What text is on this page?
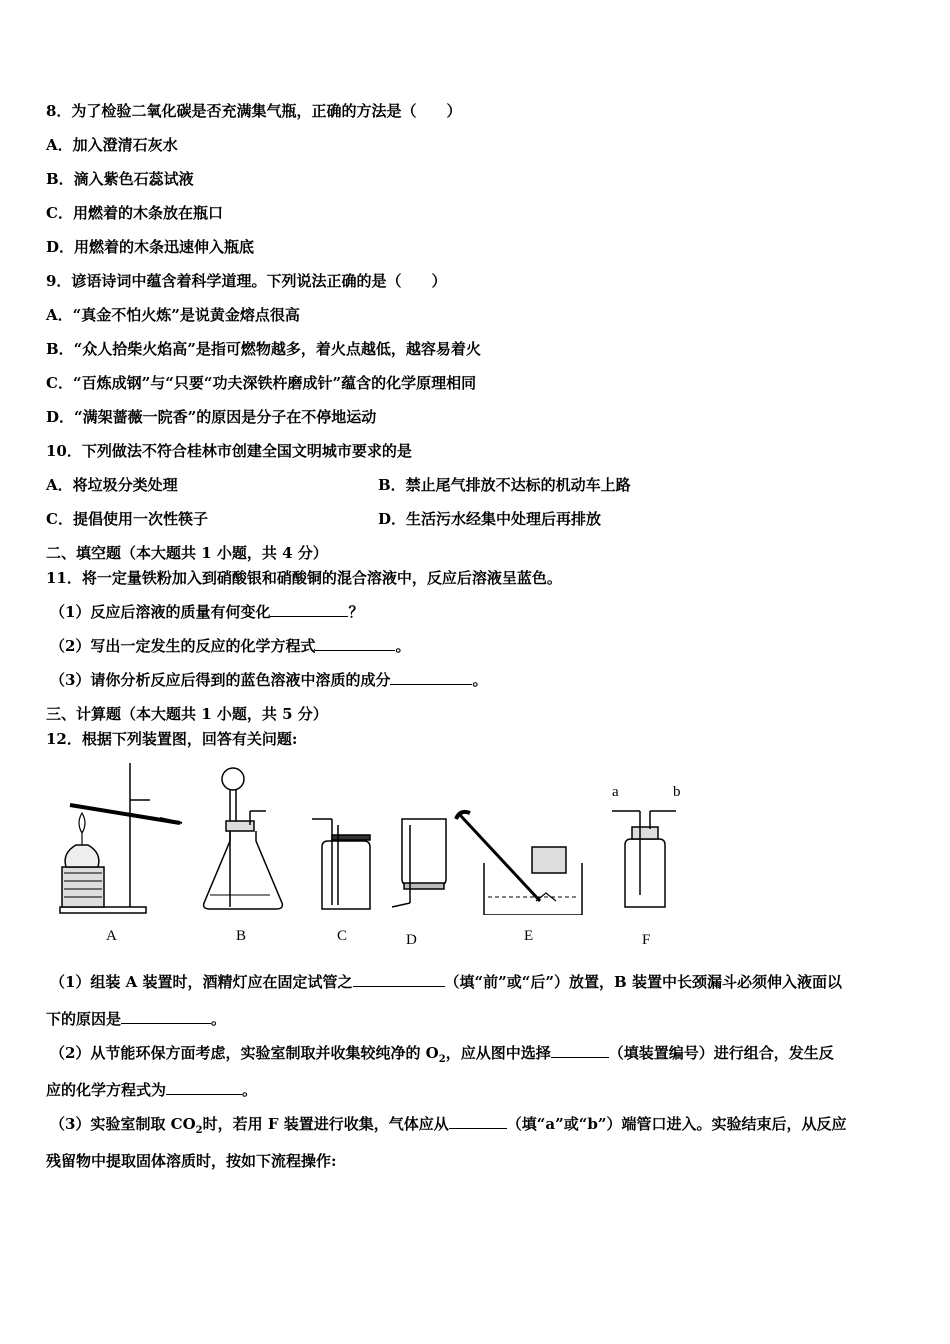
8．为了检验二氧化碳是否充满集气瓶，正确的方法是（　　）
A．加入澄清石灰水
B．滴入紫色石蕊试液
C．用燃着的木条放在瓶口
D．用燃着的木条迅速伸入瓶底
9．谚语诗词中蕴含着科学道理。下列说法正确的是（　　）
A．“真金不怕火炼”是说黄金熔点很高
B．“众人拾柴火焰高”是指可燃物越多，着火点越低，越容易着火
C．“百炼成钢”与“只要“功夫深铁杵磨成针”蕴含的化学原理相同
D．“满架蔷薇一院香”的原因是分子在不停地运动
10．下列做法不符合桂林市创建全国文明城市要求的是
A．将垃圾分类处理	B．禁止尾气排放不达标的机动车上路
C．提倡使用一次性筷子	D．生活污水经集中处理后再排放
二、填空题（本大题共 1 小题，共 4 分）
11．将一定量铁粉加入到硝酸银和硝酸铜的混合溶液中，反应后溶液呈蓝色。
（1）反应后溶液的质量有何变化	？
（2）写出一定发生的反应的化学方程式	。
（3）请你分析反应后得到的蓝色溶液中溶质的成分	。
三、计算题（本大题共 1 小题，共 5 分）
12．根据下列装置图，回答有关问题:
A	B	C	D	E	F
a	b
（1）组装 A 装置时，酒精灯应在固定试管之	（填“前”或“后”）放置，B 装置中长颈漏斗必须伸入液面以
下的原因是	。
（2）从节能环保方面考虑，实验室制取并收集较纯净的 $O_2$，应从图中选择	（填装置编号）进行组合，发生反
应的化学方程式为	。
（3）实验室制取 $CO_2$时，若用 F 装置进行收集，气体应从	（填“a”或“b”）端管口进入。实验结束后，从反应
残留物中提取固体溶质时，按如下流程操作:
